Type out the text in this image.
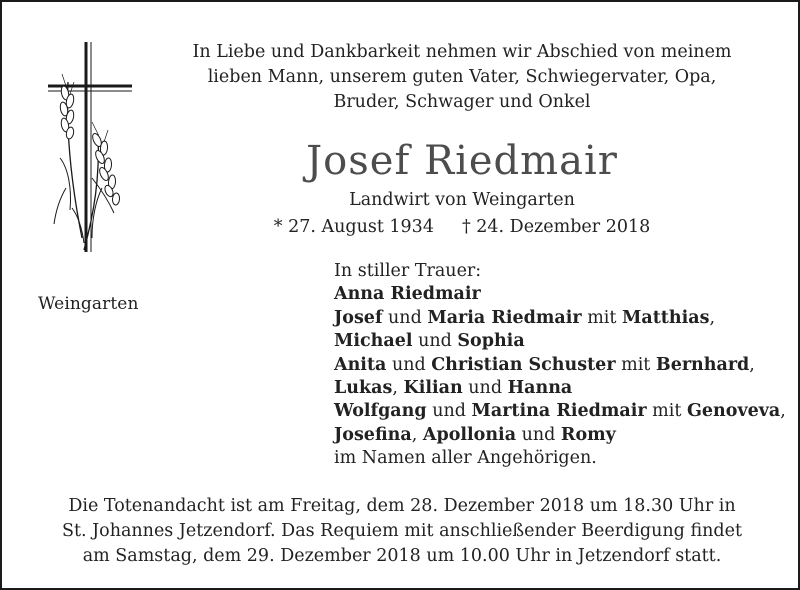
Weingarten
In Liebe und Dankbarkeit nehmen wir Abschied von meinem
lieben Mann, unserem guten Vater, Schwiegervater, Opa,
Bruder, Schwager und Onkel
Josef Riedmair
Landwirt von Weingarten
* 27. August 1934 † 24. Dezember 2018
In stiller Trauer:
Anna Riedmair
Josef und Maria Riedmair mit Matthias,
Michael und Sophia
Anita und Christian Schuster mit Bernhard,
Lukas, Kilian und Hanna
Wolfgang und Martina Riedmair mit Genoveva,
Josefina, Apollonia und Romy
im Namen aller Angehörigen.
Die Totenandacht ist am Freitag, dem 28. Dezember 2018 um 18.30 Uhr in
St. Johannes Jetzendorf. Das Requiem mit anschließender Beerdigung findet
am Samstag, dem 29. Dezember 2018 um 10.00 Uhr in Jetzendorf statt.
